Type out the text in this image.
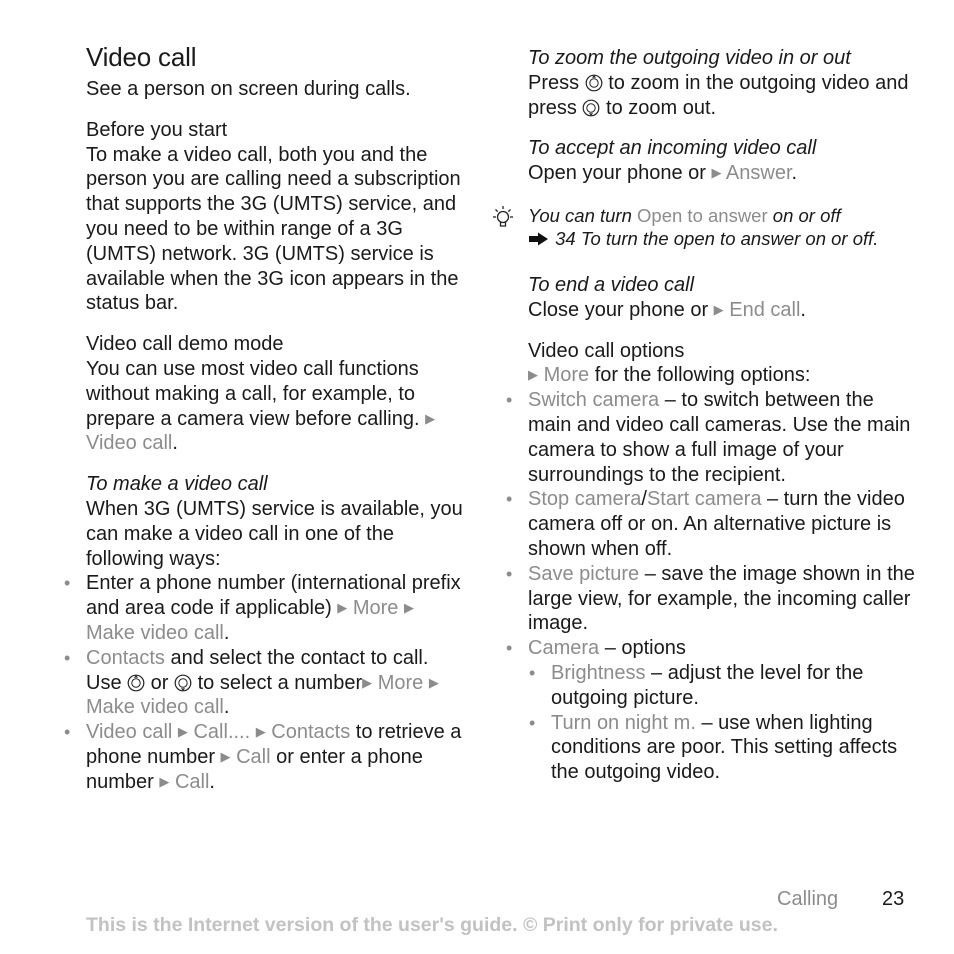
Video call

See a person on screen during calls.

Before you start

To make a video call, both you and the person you are calling need a subscription that supports the 3G (UMTS) service, and you need to be within range of a 3G (UMTS) network. 3G (UMTS) service is available when the 3G icon appears in the status bar.

Video call demo mode

You can use most video call functions without making a call, for example, to prepare a camera view before calling. ▶ Video call.

To make a video call

When 3G (UMTS) service is available, you can make a video call in one of the following ways:

• Enter a phone number (international prefix and area code if applicable) ▶ More ▶ Make video call.
• Contacts and select the contact to call. Use  or  to select a number▶ More ▶ Make video call.
• Video call ▶ Call.... ▶ Contacts to retrieve a phone number ▶ Call or enter a phone number ▶ Call.
To zoom the outgoing video in or out

Press  to zoom in the outgoing video and press  to zoom out.

To accept an incoming video call

Open your phone or ▶ Answer.

You can turn Open to answer on or off
34 To turn the open to answer on or off.
To end a video call

Close your phone or ▶ End call.

Video call options

▶ More for the following options:

• Switch camera – to switch between the main and video call cameras. Use the main camera to show a full image of your surroundings to the recipient.
• Stop camera/Start camera – turn the video camera off or on. An alternative picture is shown when off.
• Save picture – save the image shown in the large view, for example, the incoming caller image.
• Camera – options
• Brightness – adjust the level for the outgoing picture.
• Turn on night m. – use when lighting conditions are poor. This setting affects the outgoing video.
Calling 23
This is the Internet version of the user's guide. © Print only for private use.
